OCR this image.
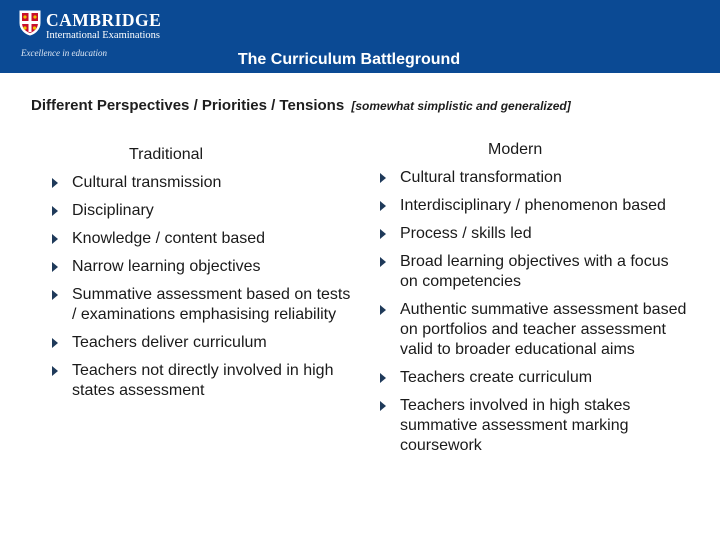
CAMBRIDGE
International Examinations
Excellence in education	The Curriculum Battleground
Different Perspectives / Priorities / Tensions [somewhat simplistic and generalized]
Traditional	Modern
Cultural transmission
Disciplinary
Knowledge / content based
Narrow learning objectives
Summative assessment based on tests / examinations emphasising reliability
Teachers deliver curriculum
Teachers not directly involved in high states assessment
Cultural transformation
Interdisciplinary / phenomenon based
Process / skills led
Broad learning objectives with a focus on competencies
Authentic summative assessment based on portfolios and teacher assessment valid to broader educational aims
Teachers create curriculum
Teachers involved in high stakes summative assessment marking coursework
